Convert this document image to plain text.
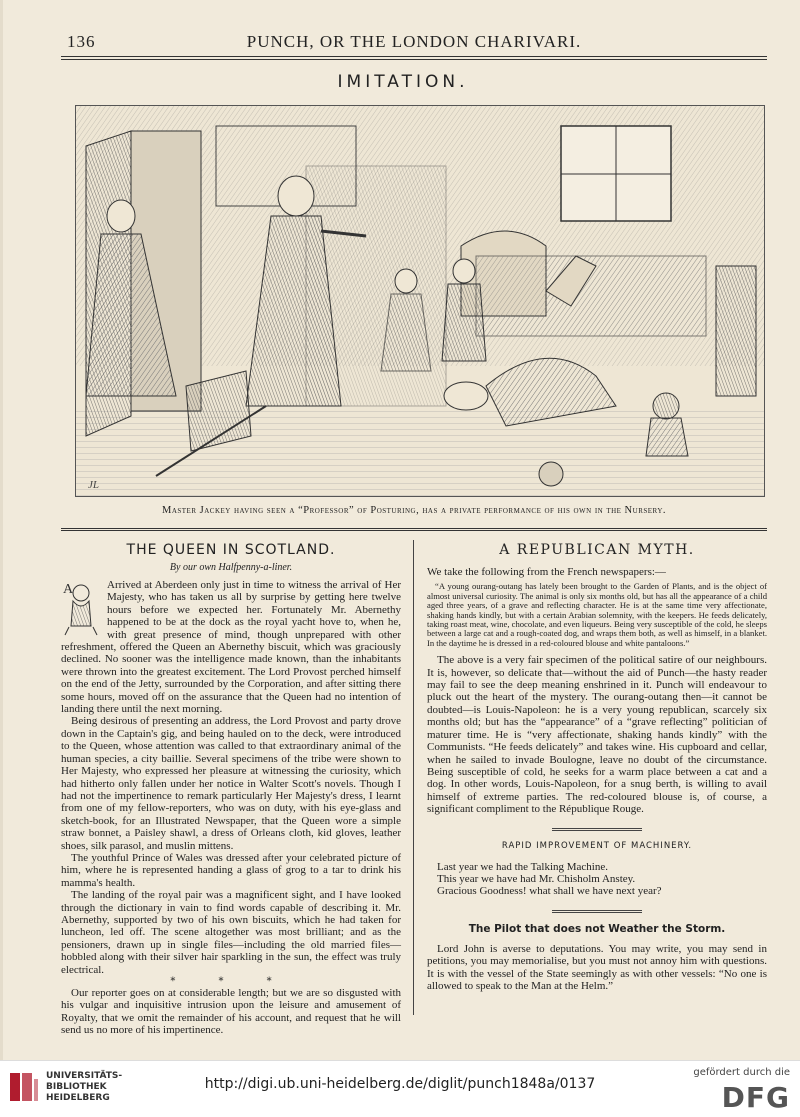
136	PUNCH, OR THE LONDON CHARIVARI.
IMITATION.
JL
Master Jackey having seen a “Professor” of Posturing, has a private performance of his own in the Nursery.
THE QUEEN IN SCOTLAND.
By our own Halfpenny-a-liner.
A	Arrived at Aberdeen only just in time to witness the arrival of Her Majesty, who has taken us all by surprise by getting here twelve hours before we expected her. Fortunately Mr. Abernethy happened to be at the dock as the royal yacht hove to, when he, with great presence of mind, though unprepared with other refreshment, offered the Queen an Abernethy biscuit, which was graciously declined. No sooner was the intelligence made known, than the inhabitants were thrown into the greatest excitement. The Lord Provost perched himself on the end of the Jetty, surrounded by the Corporation, and after sitting there some hours, moved off on the assurance that the Queen had no intention of landing there until the next morning.

Being desirous of presenting an address, the Lord Provost and party drove down in the Captain's gig, and being hauled on to the deck, were introduced to the Queen, whose attention was called to that extraordinary animal of the human species, a city baillie. Several specimens of the tribe were shown to Her Majesty, who expressed her pleasure at witnessing the curiosity, which had hitherto only fallen under her notice in Walter Scott's novels. Though I had not the impertinence to remark particularly Her Majesty's dress, I learnt from one of my fellow-reporters, who was on duty, with his eye-glass and sketch-book, for an Illustrated Newspaper, that the Queen wore a simple straw bonnet, a Paisley shawl, a dress of Orleans cloth, kid gloves, leather shoes, silk parasol, and muslin mittens.

The youthful Prince of Wales was dressed after your celebrated picture of him, where he is represented handing a glass of grog to a tar to drink his mamma's health.

The landing of the royal pair was a magnificent sight, and I have looked through the dictionary in vain to find words capable of describing it. Mr. Abernethy, supported by two of his own biscuits, which he had taken for luncheon, led off. The scene altogether was most brilliant; and as the pensioners, drawn up in single files—including the old married files—hobbled along with their silver hair sparkling in the sun, the effect was truly electrical.

* * *

Our reporter goes on at considerable length; but we are so disgusted with his vulgar and inquisitive intrusion upon the leisure and amusement of Royalty, that we omit the remainder of his account, and request that he will send us no more of his impertinence.

A REPUBLICAN MYTH.

We take the following from the French newspapers:—

“A young ourang-outang has lately been brought to the Garden of Plants, and is the object of almost universal curiosity. The animal is only six months old, but has all the appearance of a child aged three years, of a grave and reflecting character. He is at the same time very affectionate, shaking hands kindly, but with a certain Arabian solemnity, with the keepers. He feeds delicately, taking roast meat, wine, chocolate, and even liqueurs. Being very susceptible of the cold, he sleeps between a large cat and a rough-coated dog, and wraps them both, as well as himself, in a blanket. In the daytime he is dressed in a red-coloured blouse and white pantaloons.”

The above is a very fair specimen of the political satire of our neighbours. It is, however, so delicate that—without the aid of Punch—the hasty reader may fail to see the deep meaning enshrined in it. Punch will endeavour to pluck out the heart of the mystery. The ourang-outang then—it cannot be doubted—is Louis-Napoleon: he is a very young republican, scarcely six months old; but has the “appearance” of a “grave reflecting” politician of maturer time. He is “very affectionate, shaking hands kindly” with the Communists. “He feeds delicately” and takes wine. His cupboard and cellar, when he sailed to invade Boulogne, leave no doubt of the circumstance. Being susceptible of cold, he seeks for a warm place between a cat and a dog. In other words, Louis-Napoleon, for a snug berth, is willing to avail himself of extreme parties. The red-coloured blouse is, of course, a significant compliment to the République Rouge.

RAPID IMPROVEMENT OF MACHINERY.
Last year we had the Talking Machine.
This year we have had Mr. Chisholm Anstey.
Gracious Goodness! what shall we have next year?
The Pilot that does not Weather the Storm.

Lord John is averse to deputations. You may write, you may send in petitions, you may memorialise, but you must not annoy him with questions. It is with the vessel of the State seemingly as with other vessels: “No one is allowed to speak to the Man at the Helm.”

UNIVERSITÄTS-
BIBLIOTHEK
HEIDELBERG
http://digi.ub.uni-heidelberg.de/diglit/punch1848a/0137
gefördert durch die
DFG
